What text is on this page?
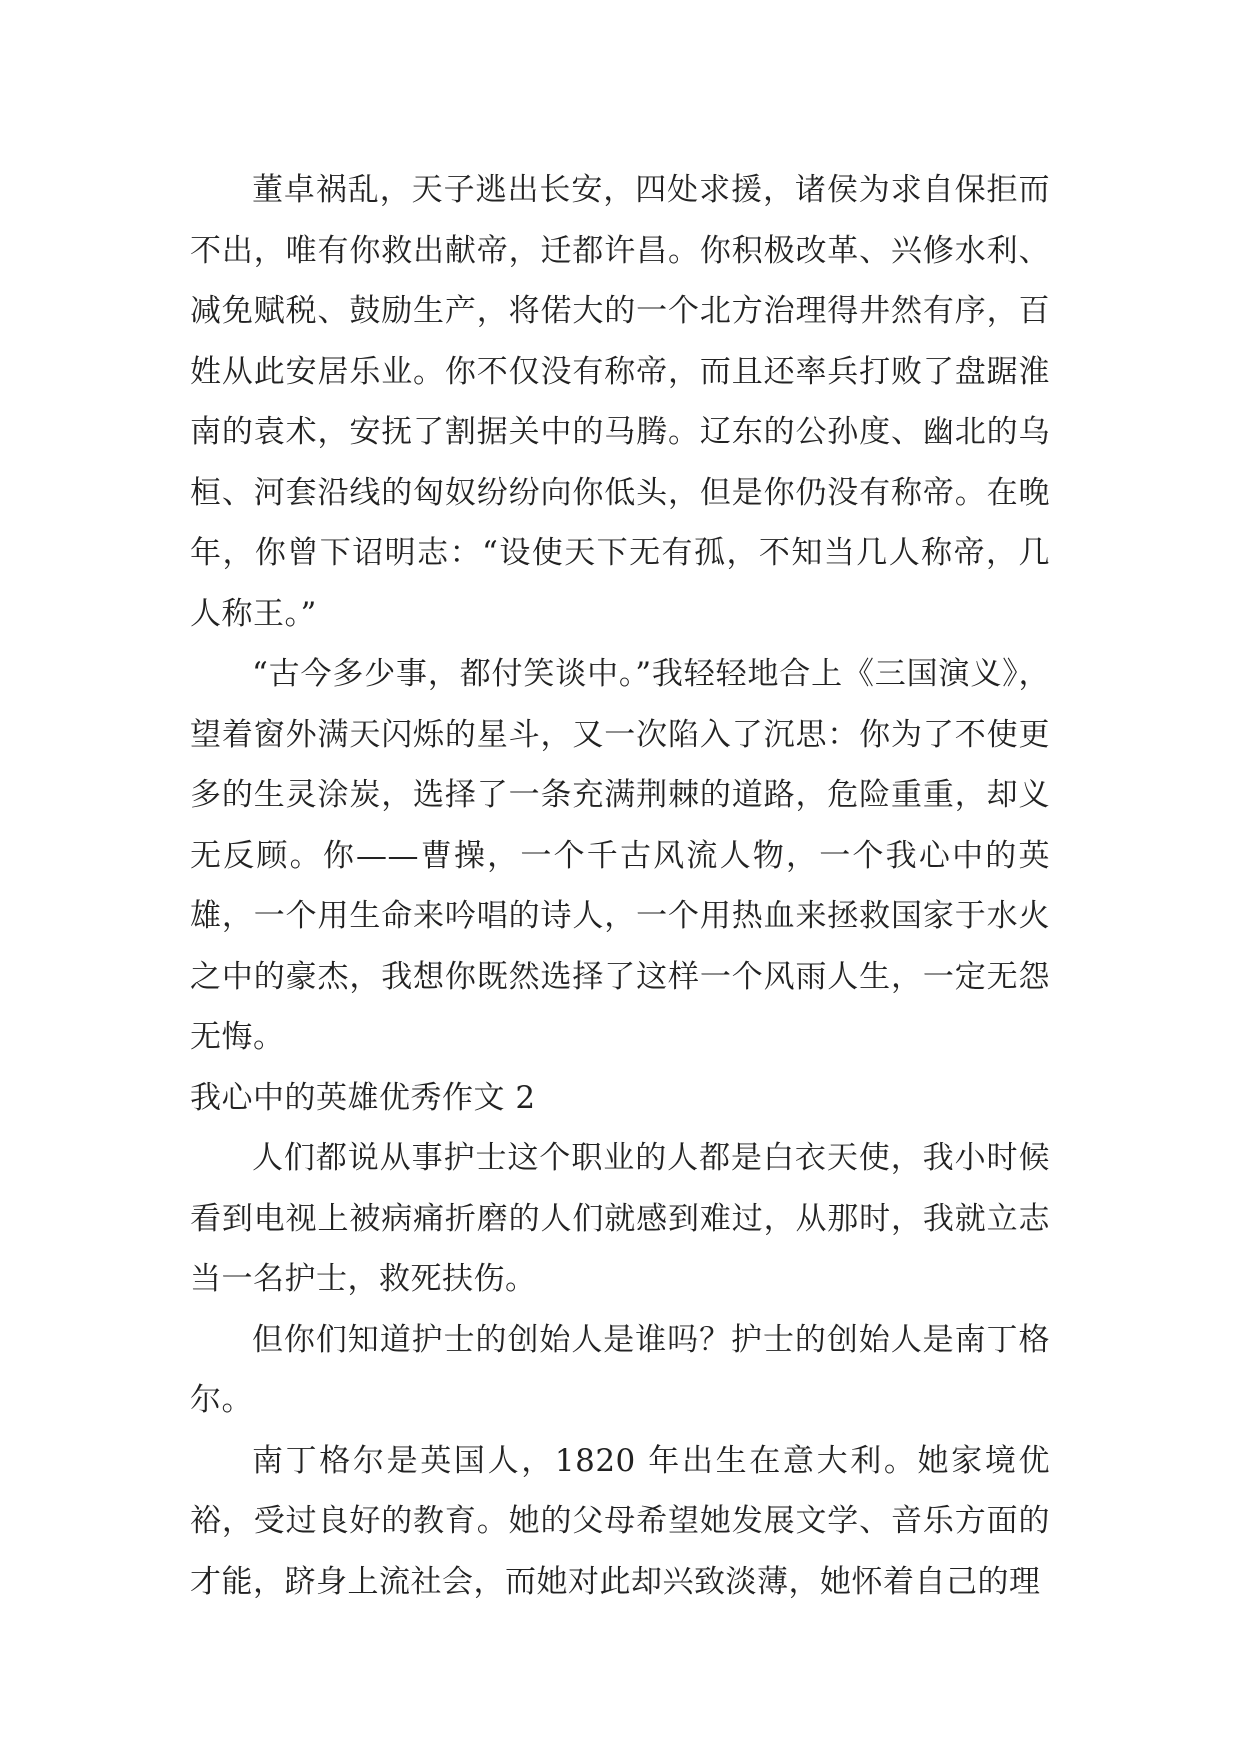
董卓祸乱，天子逃出长安，四处求援，诸侯为求自保拒而不出，唯有你救出献帝，迁都许昌。你积极改革、兴修水利、减免赋税、鼓励生产，将偌大的一个北方治理得井然有序，百姓从此安居乐业。你不仅没有称帝，而且还率兵打败了盘踞淮南的袁术，安抚了割据关中的马腾。辽东的公孙度、幽北的乌桓、河套沿线的匈奴纷纷向你低头，但是你仍没有称帝。在晚年，你曾下诏明志：“设使天下无有孤，不知当几人称帝，几人称王。”

“古今多少事，都付笑谈中。”我轻轻地合上《三国演义》，望着窗外满天闪烁的星斗，又一次陷入了沉思：你为了不使更多的生灵涂炭，选择了一条充满荆棘的道路，危险重重，却义无反顾。你——曹操，一个千古风流人物，一个我心中的英雄，一个用生命来吟唱的诗人，一个用热血来拯救国家于水火之中的豪杰，我想你既然选择了这样一个风雨人生，一定无怨无悔。

我心中的英雄优秀作文 2

人们都说从事护士这个职业的人都是白衣天使，我小时候看到电视上被病痛折磨的人们就感到难过，从那时，我就立志当一名护士，救死扶伤。

但你们知道护士的创始人是谁吗？护士的创始人是南丁格尔。

南丁格尔是英国人，1820 年出生在意大利。她家境优裕，受过良好的教育。她的父母希望她发展文学、音乐方面的才能，跻身上流社会，而她对此却兴致淡薄，她怀着自己的理
